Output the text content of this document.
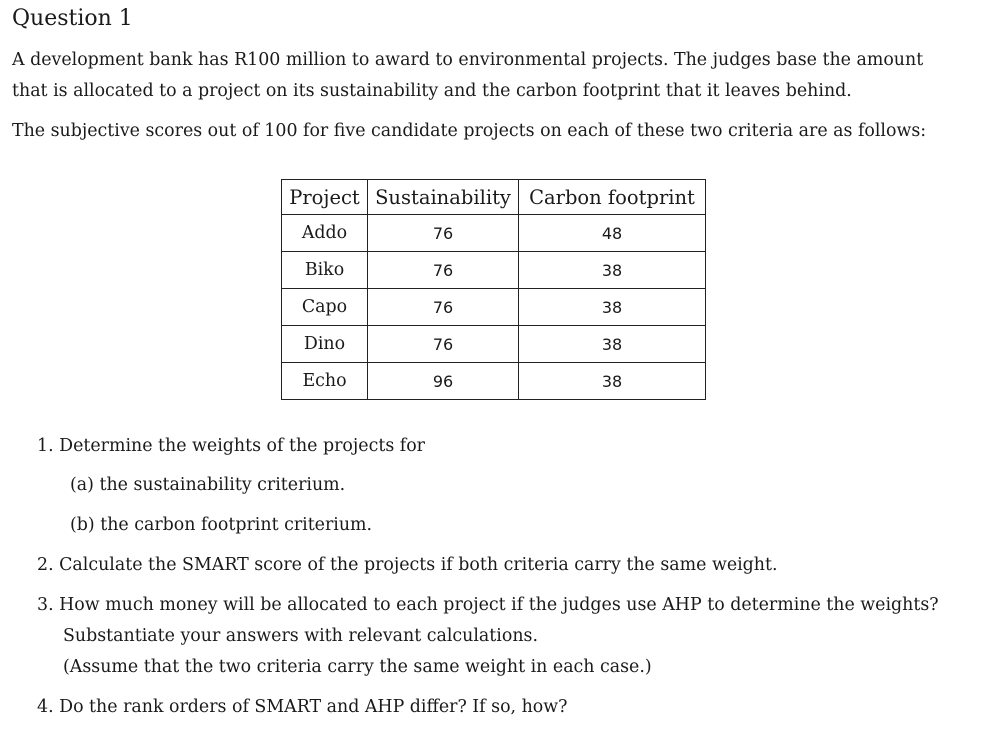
Question 1

A development bank has R100 million to award to environmental projects. The judges base the amount

that is allocated to a project on its sustainability and the carbon footprint that it leaves behind.

The subjective scores out of 100 for five candidate projects on each of these two criteria are as follows:

Project	Sustainability	Carbon footprint
Addo	76	48
Biko	76	38
Capo	76	38
Dino	76	38
Echo	96	38

1. Determine the weights of the projects for

(a) the sustainability criterium.

(b) the carbon footprint criterium.

2. Calculate the SMART score of the projects if both criteria carry the same weight.

3. How much money will be allocated to each project if the judges use AHP to determine the weights?

Substantiate your answers with relevant calculations.

(Assume that the two criteria carry the same weight in each case.)

4. Do the rank orders of SMART and AHP differ? If so, how?
